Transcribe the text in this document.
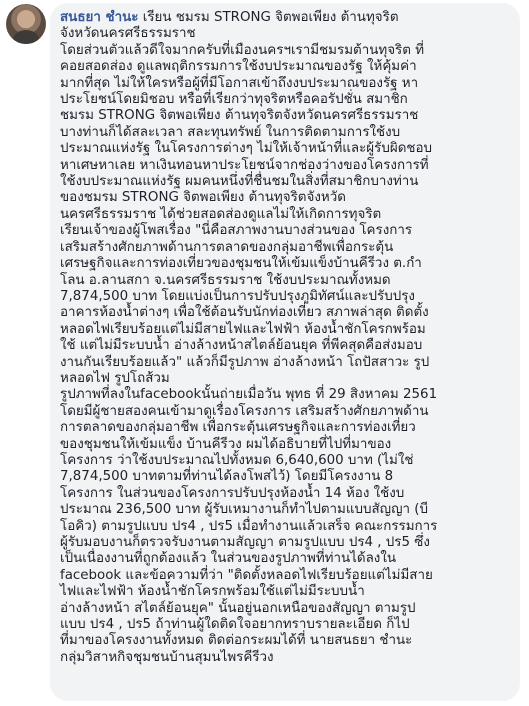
สนธยา ชำนะ เรียน ชมรม STRONG จิตพอเพียง ต้านทุจริต
จังหวัดนครศรีธรรมราช
โดยส่วนตัวแล้วดีใจมากครับที่เมืองนครฯเรามีชมรมต้านทุจริต ที่
คอยสอดส่อง ดูแลพฤติกรรมการใช้งบประมาณของรัฐ ให้คุ้มค่า
มากที่สุด ไม่ให้ใครหรือผู้ที่มีโอกาสเข้าถึงงบประมาณของรัฐ หา
ประโยชน์โดยมิชอบ หรือที่เรียกว่าทุจริตหรือคอรัปชั่น สมาชิก
ชมรม STRONG จิตพอเพียง ต้านทุจริตจังหวัดนครศรีธรรมราช
บางท่านก็ได้สละเวลา สละทุนทรัพย์ ในการติดตามการใช้งบ
ประมาณแห่งรัฐ ในโครงการต่างๆ ไม่ให้เจ้าหน้าที่และผู้รับผิดชอบ
หาเศษหาเลย หาเงินทอนหาประโยชน์จากช่องว่างของโครงการที่
ใช้งบประมาณแห่งรัฐ ผมคนหนึ่งที่ชื่นชมในสิ่งที่สมาชิกบางท่าน
ของชมรม STRONG จิตพอเพียง ต้านทุจริตจังหวัด
นครศรีธรรมราช ได้ช่วยสอดส่องดูแลไม่ให้เกิดการทุจริต
เรียนเจ้าของผู้โพสเรื่อง "นี่คือสภาพงานบางส่วนของ โครงการ
เสริมสร้างศักยภาพด้านการตลาดของกลุ่มอาชีพเพื่อกระตุ้น
เศรษฐกิจและการท่องเที่ยวของชุมชนให้เข้มแข็งบ้านคีรีวง ต.กำ
โลน อ.ลานสกา จ.นครศรีธรรมราช ใช้งบประมาณทั้งหมด
7,874,500 บาท โดยแบ่งเป็นการปรับปรุงภูมิทัศน์และปรับปรุง
อาคารห้องน้ำต่างๆ เพื่อใช้ต้อนรับนักท่องเที่ยว สภาพล่าสุด ติดตั้ง
หลอดไฟเรียบร้อยแต่ไม่มีสายไฟและไฟฟ้า ห้องน้ำชักโครกพร้อม
ใช้ แต่ไม่มีระบบน้ำ อ่างล้างหน้าสไตล์ย้อนยุค ที่พีคสุดคือส่งมอบ
งานกันเรียบร้อยแล้ว" แล้วก็มีรูปภาพ อ่างล้างหน้า โถปัสสาวะ รูป
หลอดไฟ รูปโถส้วม
รูปภาพที่ลงในfacebookนั้นถ่ายเมื่อวัน พุทธ ที่ 29 สิงหาคม 2561
โดยมีผู้ชายสองคนเข้ามาดูเรื่องโครงการ เสริมสร้างศักยภาพด้าน
การตลาดของกลุ่มอาชีพ เพื่อกระตุ้นเศรษฐกิจและการท่องเที่ยว
ของชุมชนให้เข้มแข็ง บ้านคีรีวง ผมได้อธิบายที่ไปที่มาของ
โครงการ ว่าใช้งบประมาณไปทั้งหมด 6,640,600 บาท (ไม่ใช่
7,874,500 บาทตามที่ท่านได้ลงโพสไว้) โดยมีโครงงาน 8
โครงการ ในส่วนของโครงการปรับปรุงห้องน้ำ 14 ห้อง ใช้งบ
ประมาณ 236,500 บาท ผู้รับเหมางานก็ทำไปตามแบบสัญญา (บี
โอคิว) ตามรูปแบบ ปร4 , ปร5 เมื่อทำงานแล้วเสร็จ คณะกรรมการ
ผู้รับมอบงานก็ตรวจรับงานตามสัญญา ตามรูปแบบ ปร4 , ปร5 ซึ่ง
เป็นเนื่องงานที่ถูกต้องแล้ว ในส่วนของรูปภาพที่ท่านได้ลงใน
facebook และข้อความที่ว่า "ติดตั้งหลอดไฟเรียบร้อยแต่ไม่มีสาย
ไฟและไฟฟ้า ห้องน้ำชักโครกพร้อมใช้แต่ไม่มีระบบน้ำ
อ่างล้างหน้า สไตล์ย้อนยุค" นั้นอยู่นอกเหนือของสัญญา ตามรูป
แบบ ปร4 , ปร5 ถ้าท่านผู้ใดติดใจอยากทราบรายละเอียด ก็ไป
ที่มาของโครงงานทั้งหมด ติดต่อกระผมได้ที่ นายสนธยา ชำนะ
กลุ่มวิสาหกิจชุมชนบ้านสุมนไพรคีรีวง
